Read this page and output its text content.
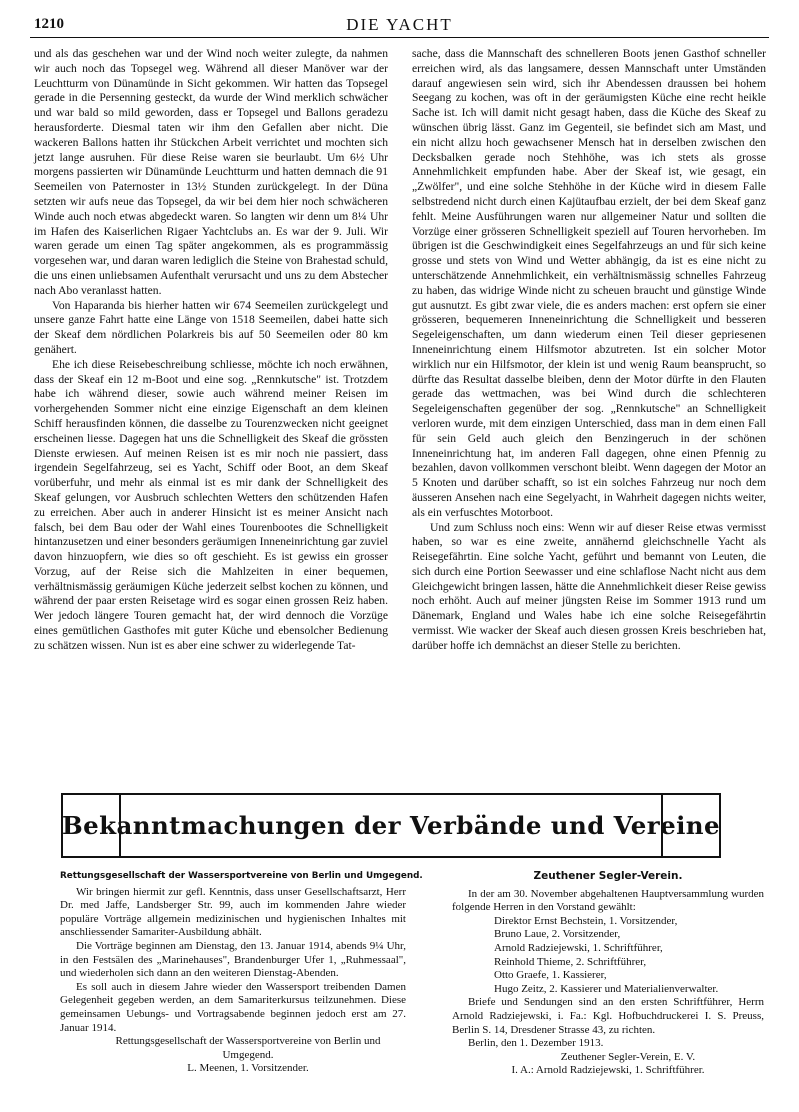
1210	DIE YACHT

und als das geschehen war und der Wind noch weiter zulegte, da nahmen wir auch noch das Topsegel weg. Während all dieser Manöver war der Leuchtturm von Dünamünde in Sicht gekommen. Wir hatten das Topsegel gerade in die Persenning gesteckt, da wurde der Wind merklich schwächer und war bald so mild geworden, dass er Topsegel und Ballons geradezu herausforderte. Diesmal taten wir ihm den Gefallen aber nicht. Die wackeren Ballons hatten ihr Stückchen Arbeit verrichtet und mochten sich jetzt lange ausruhen. Für diese Reise waren sie beurlaubt. Um 6½ Uhr morgens passierten wir Dünamünde Leuchtturm und hatten demnach die 91 Seemeilen von Paternoster in 13½ Stunden zurückgelegt. In der Düna setzten wir aufs neue das Topsegel, da wir bei dem hier noch schwächeren Winde auch noch etwas abgedeckt waren. So langten wir denn um 8¼ Uhr im Hafen des Kaiserlichen Rigaer Yachtclubs an. Es war der 9. Juli. Wir waren gerade um einen Tag später angekommen, als es programmässig vorgesehen war, und daran waren lediglich die Steine von Brahestad schuld, die uns einen unliebsamen Aufenthalt verursacht und uns zu dem Abstecher nach Abo veranlasst hatten.

Von Haparanda bis hierher hatten wir 674 Seemeilen zurückgelegt und unsere ganze Fahrt hatte eine Länge von 1518 Seemeilen, dabei hatte sich der Skeaf dem nördlichen Polarkreis bis auf 50 Seemeilen oder 80 km genähert.

Ehe ich diese Reisebeschreibung schliesse, möchte ich noch erwähnen, dass der Skeaf ein 12 m-Boot und eine sog. „Rennkutsche" ist. Trotzdem habe ich während dieser, sowie auch während meiner Reisen im vorhergehenden Sommer nicht eine einzige Eigenschaft an dem kleinen Schiff herausfinden können, die dasselbe zu Tourenzwecken nicht geeignet erscheinen liesse. Dagegen hat uns die Schnelligkeit des Skeaf die grössten Dienste erwiesen. Auf meinen Reisen ist es mir noch nie passiert, dass irgendein Segelfahrzeug, sei es Yacht, Schiff oder Boot, an dem Skeaf vorüberfuhr, und mehr als einmal ist es mir dank der Schnelligkeit des Skeaf gelungen, vor Ausbruch schlechten Wetters den schützenden Hafen zu erreichen. Aber auch in anderer Hinsicht ist es meiner Ansicht nach falsch, bei dem Bau oder der Wahl eines Tourenbootes die Schnelligkeit hintanzusetzen und einer besonders geräumigen Inneneinrichtung gar zuviel davon hinzuopfern, wie dies so oft geschieht. Es ist gewiss ein grosser Vorzug, auf der Reise sich die Mahlzeiten in einer bequemen, verhältnismässig geräumigen Küche jederzeit selbst kochen zu können, und während der paar ersten Reisetage wird es sogar einen grossen Reiz haben. Wer jedoch längere Touren gemacht hat, der wird dennoch die Vorzüge eines gemütlichen Gasthofes mit guter Küche und ebensolcher Bedienung zu schätzen wissen. Nun ist es aber eine schwer zu widerlegende Tat-

sache, dass die Mannschaft des schnelleren Boots jenen Gasthof schneller erreichen wird, als das langsamere, dessen Mannschaft unter Umständen darauf angewiesen sein wird, sich ihr Abendessen draussen bei hohem Seegang zu kochen, was oft in der geräumigsten Küche eine recht heikle Sache ist. Ich will damit nicht gesagt haben, dass die Küche des Skeaf zu wünschen übrig lässt. Ganz im Gegenteil, sie befindet sich am Mast, und ein nicht allzu hoch gewachsener Mensch hat in derselben zwischen den Decksbalken gerade noch Stehhöhe, was ich stets als grosse Annehmlichkeit empfunden habe. Aber der Skeaf ist, wie gesagt, ein „Zwölfer", und eine solche Stehhöhe in der Küche wird in diesem Falle selbstredend nicht durch einen Kajütaufbau erzielt, der bei dem Skeaf ganz fehlt. Meine Ausführungen waren nur allgemeiner Natur und sollten die Vorzüge einer grösseren Schnelligkeit speziell auf Touren hervorheben. Im übrigen ist die Geschwindigkeit eines Segelfahrzeugs an und für sich keine grosse und stets von Wind und Wetter abhängig, da ist es eine nicht zu unterschätzende Annehmlichkeit, ein verhältnismässig schnelles Fahrzeug zu haben, das widrige Winde nicht zu scheuen braucht und günstige Winde gut ausnutzt. Es gibt zwar viele, die es anders machen: erst opfern sie einer grösseren, bequemeren Inneneinrichtung die Schnelligkeit und besseren Segeleigenschaften, um dann wiederum einen Teil dieser gepriesenen Inneneinrichtung einem Hilfsmotor abzutreten. Ist ein solcher Motor wirklich nur ein Hilfsmotor, der klein ist und wenig Raum beansprucht, so dürfte das Resultat dasselbe bleiben, denn der Motor dürfte in den Flauten gerade das wettmachen, was bei Wind durch die schlechteren Segeleigenschaften gegenüber der sog. „Rennkutsche" an Schnelligkeit verloren wurde, mit dem einzigen Unterschied, dass man in dem einen Fall für sein Geld auch gleich den Benzingeruch in der schönen Inneneinrichtung hat, im anderen Fall dagegen, ohne einen Pfennig zu bezahlen, davon vollkommen verschont bleibt. Wenn dagegen der Motor an 5 Knoten und darüber schafft, so ist ein solches Fahrzeug nur noch dem äusseren Ansehen nach eine Segelyacht, in Wahrheit dagegen nichts weiter, als ein verfuschtes Motorboot.

Und zum Schluss noch eins: Wenn wir auf dieser Reise etwas vermisst haben, so war es eine zweite, annähernd gleichschnelle Yacht als Reisegefährtin. Eine solche Yacht, geführt und bemannt von Leuten, die sich durch eine Portion Seewasser und eine schlaflose Nacht nicht aus dem Gleichgewicht bringen lassen, hätte die Annehmlichkeit dieser Reise gewiss noch erhöht. Auch auf meiner jüngsten Reise im Sommer 1913 rund um Dänemark, England und Wales habe ich eine solche Reisegefährtin vermisst. Wie wacker der Skeaf auch diesen grossen Kreis beschrieben hat, darüber hoffe ich demnächst an dieser Stelle zu berichten.

Bekanntmachungen der Verbände und Vereine
Rettungsgesellschaft der Wassersportvereine von Berlin und Umgegend.

Wir bringen hiermit zur gefl. Kenntnis, dass unser Gesellschaftsarzt, Herr Dr. med Jaffe, Landsberger Str. 99, auch im kommenden Jahre wieder populäre Vorträge allgemein medizinischen und hygienischen Inhaltes mit anschliessender Samariter-Ausbildung abhält.

Die Vorträge beginnen am Dienstag, den 13. Januar 1914, abends 9¼ Uhr, in den Festsälen des „Marinehauses", Brandenburger Ufer 1, „Ruhmessaal", und wiederholen sich dann an den weiteren Dienstag-Abenden.

Es soll auch in diesem Jahre wieder den Wassersport treibenden Damen Gelegenheit gegeben werden, an dem Samariterkursus teilzunehmen. Diese gemeinsamen Uebungs- und Vortragsabende beginnen jedoch erst am 27. Januar 1914.

Rettungsgesellschaft der Wassersportvereine von Berlin und Umgegend.

L. Meenen, 1. Vorsitzender.

Zeuthener Segler-Verein.

In der am 30. November abgehaltenen Hauptversammlung wurden folgende Herren in den Vorstand gewählt:

Direktor Ernst Bechstein, 1. Vorsitzender,
Bruno Laue, 2. Vorsitzender,
Arnold Radziejewski, 1. Schriftführer,
Reinhold Thieme, 2. Schriftführer,
Otto Graefe, 1. Kassierer,
Hugo Zeitz, 2. Kassierer und Materialienverwalter.

Briefe und Sendungen sind an den ersten Schriftführer, Herrn Arnold Radziejewski, i. Fa.: Kgl. Hofbuchdruckerei I. S. Preuss, Berlin S. 14, Dresdener Strasse 43, zu richten.

Berlin, den 1. Dezember 1913.

Zeuthener Segler-Verein, E. V.

I. A.: Arnold Radziejewski, 1. Schriftführer.
